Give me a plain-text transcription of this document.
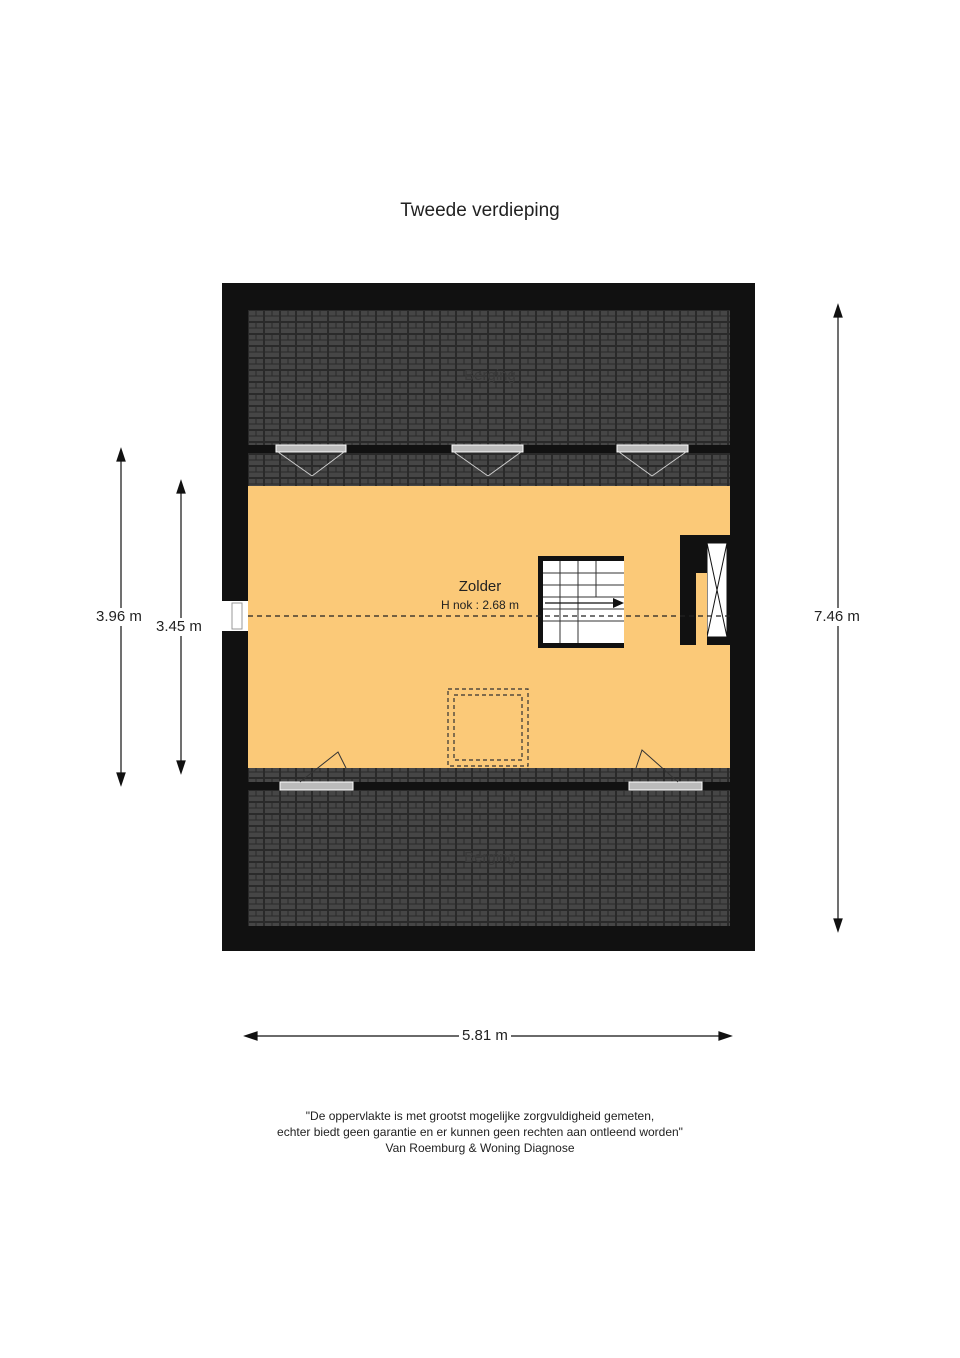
Tweede verdieping
Berging
Berging
Zolder
H nok : 2.68 m
7.46 m
3.96 m
3.45 m
5.81 m
"De oppervlakte is met grootst mogelijke zorgvuldigheid gemeten,
echter biedt geen garantie en er kunnen geen rechten aan ontleend worden"
Van Roemburg & Woning Diagnose
